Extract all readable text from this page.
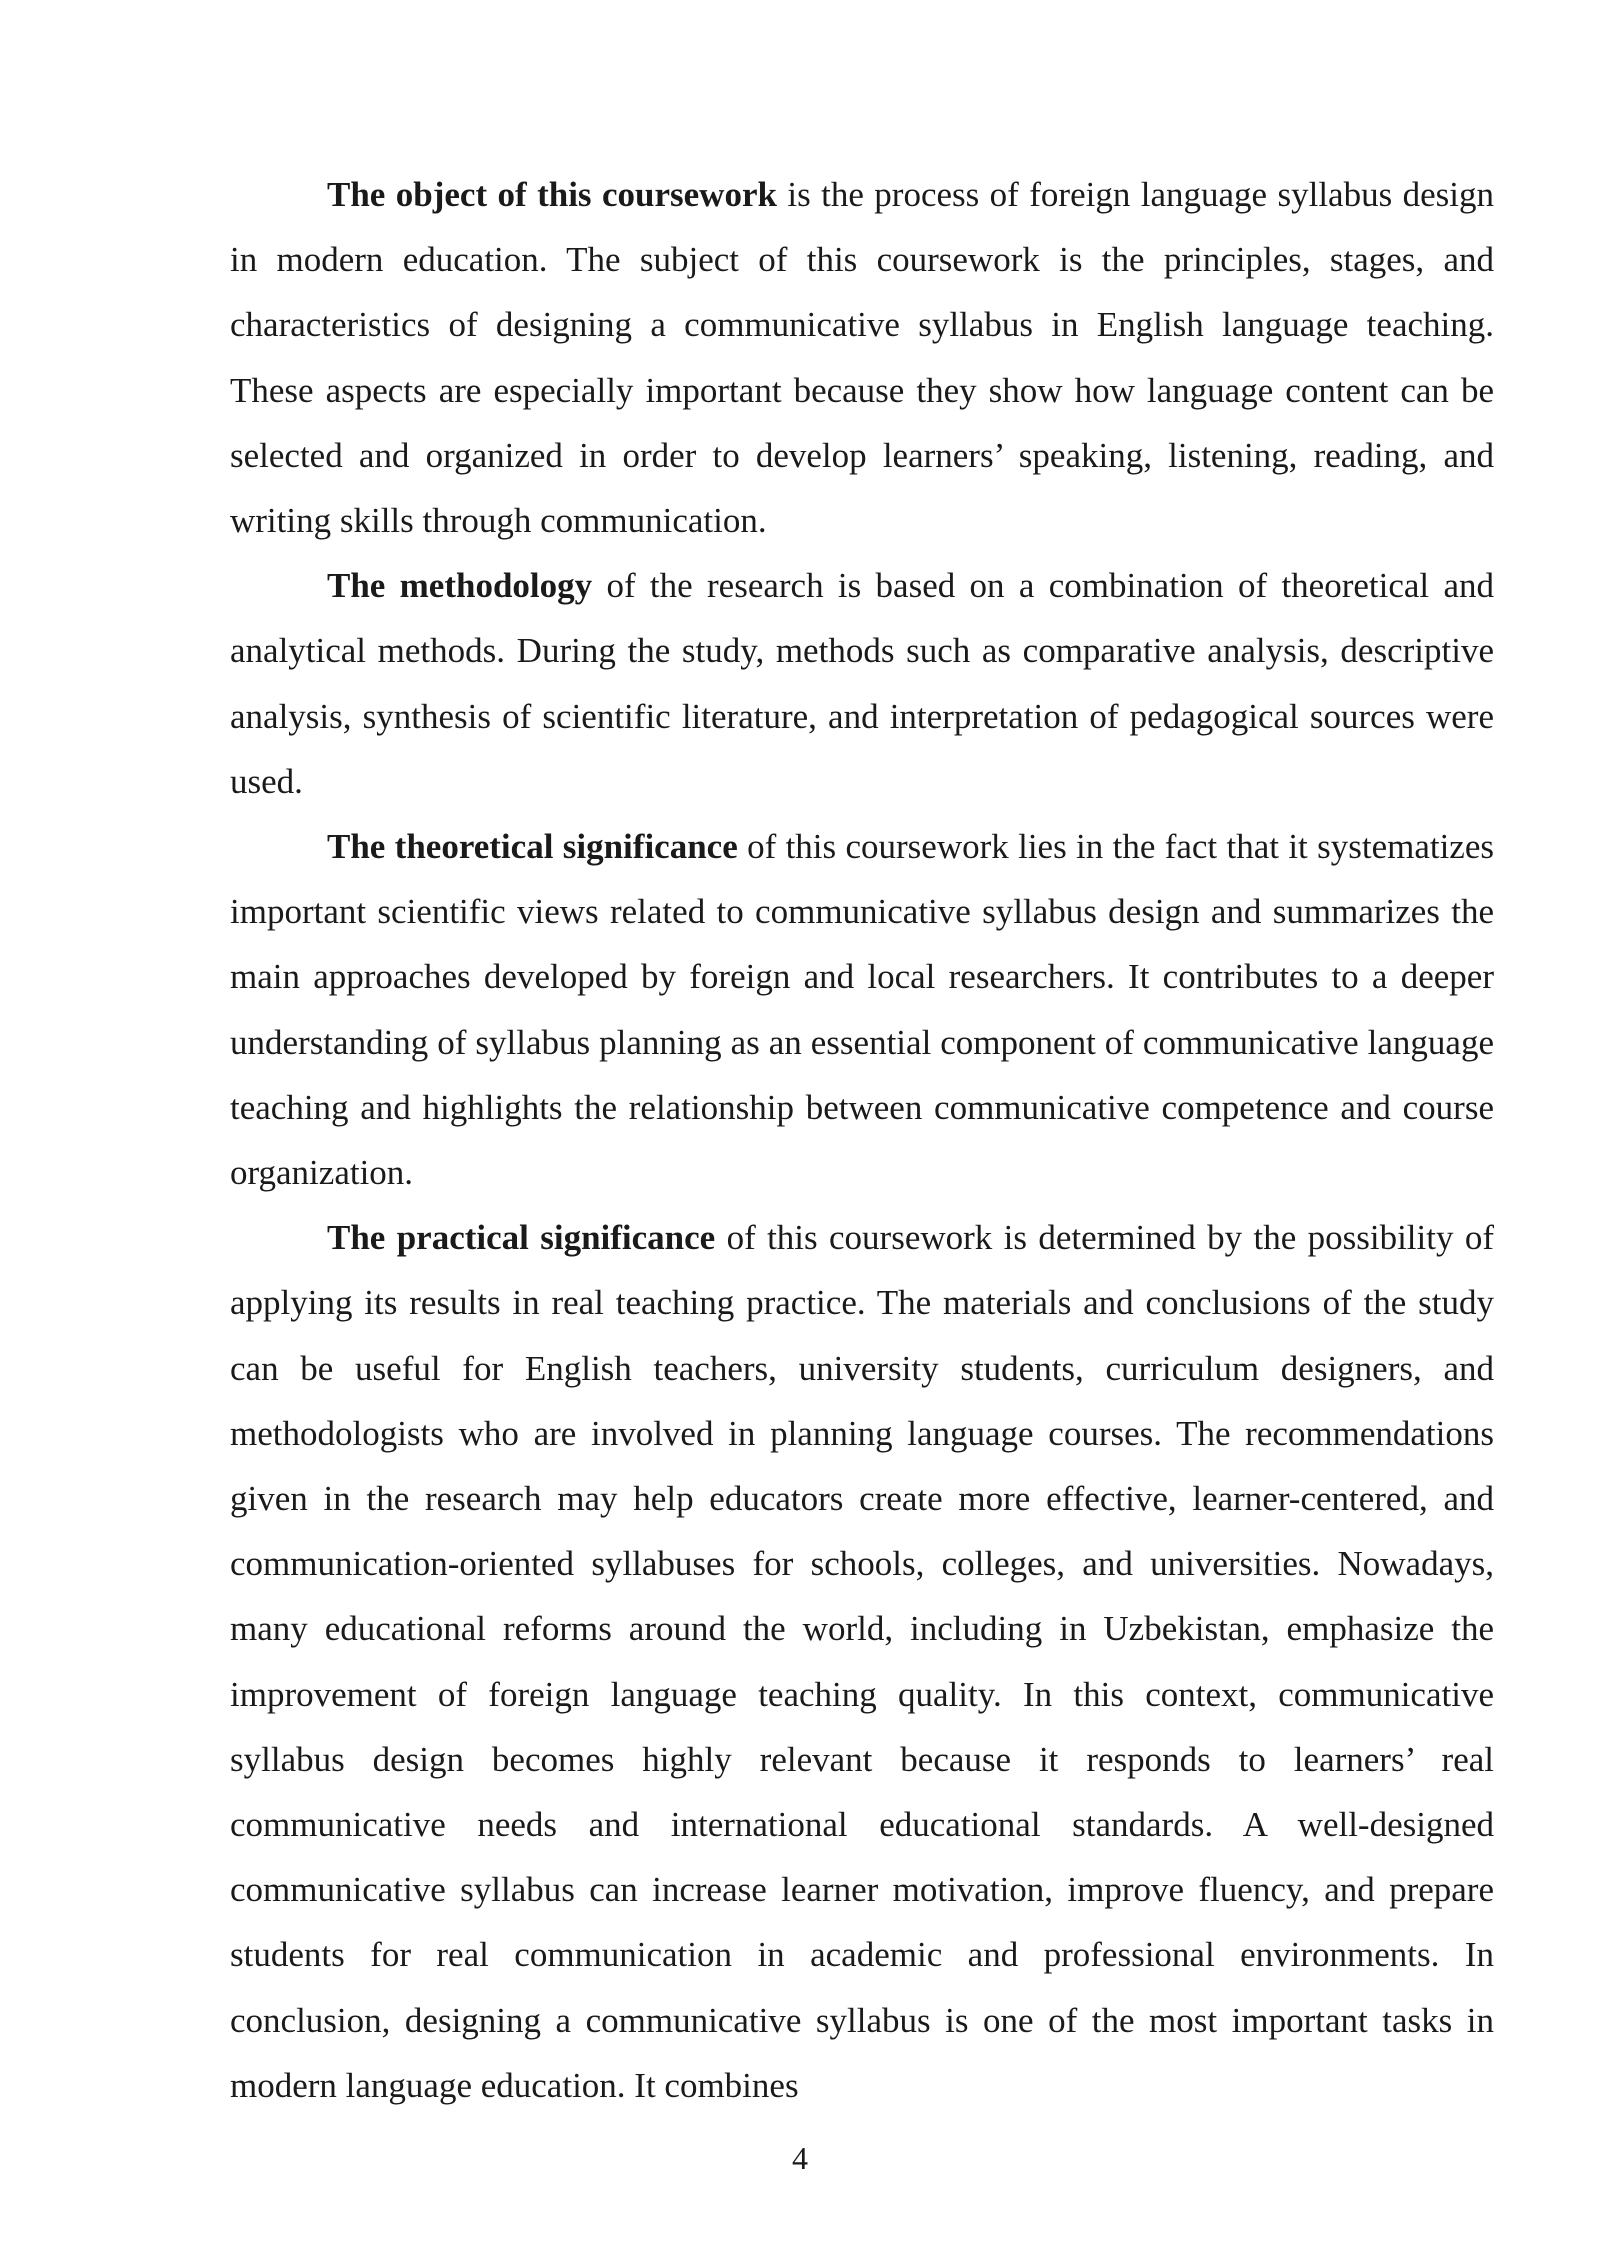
The object of this coursework is the process of foreign language syllabus design in modern education. The subject of this coursework is the principles, stages, and characteristics of designing a communicative syllabus in English language teaching. These aspects are especially important because they show how language content can be selected and organized in order to develop learners’ speaking, listening, reading, and writing skills through communication.

The methodology of the research is based on a combination of theoretical and analytical methods. During the study, methods such as comparative analysis, descriptive analysis, synthesis of scientific literature, and interpretation of pedagogical sources were used.

The theoretical significance of this coursework lies in the fact that it systematizes important scientific views related to communicative syllabus design and summarizes the main approaches developed by foreign and local researchers. It contributes to a deeper understanding of syllabus planning as an essential component of communicative language teaching and highlights the relationship between communicative competence and course organization.

The practical significance of this coursework is determined by the possibility of applying its results in real teaching practice. The materials and conclusions of the study can be useful for English teachers, university students, curriculum designers, and methodologists who are involved in planning language courses. The recommendations given in the research may help educators create more effective, learner-centered, and communication-oriented syllabuses for schools, colleges, and universities. Nowadays, many educational reforms around the world, including in Uzbekistan, emphasize the improvement of foreign language teaching quality. In this context, communicative syllabus design becomes highly relevant because it responds to learners’ real communicative needs and international educational standards. A well-designed communicative syllabus can increase learner motivation, improve fluency, and prepare students for real communication in academic and professional environments. In conclusion, designing a communicative syllabus is one of the most important tasks in modern language education. It combines

4
